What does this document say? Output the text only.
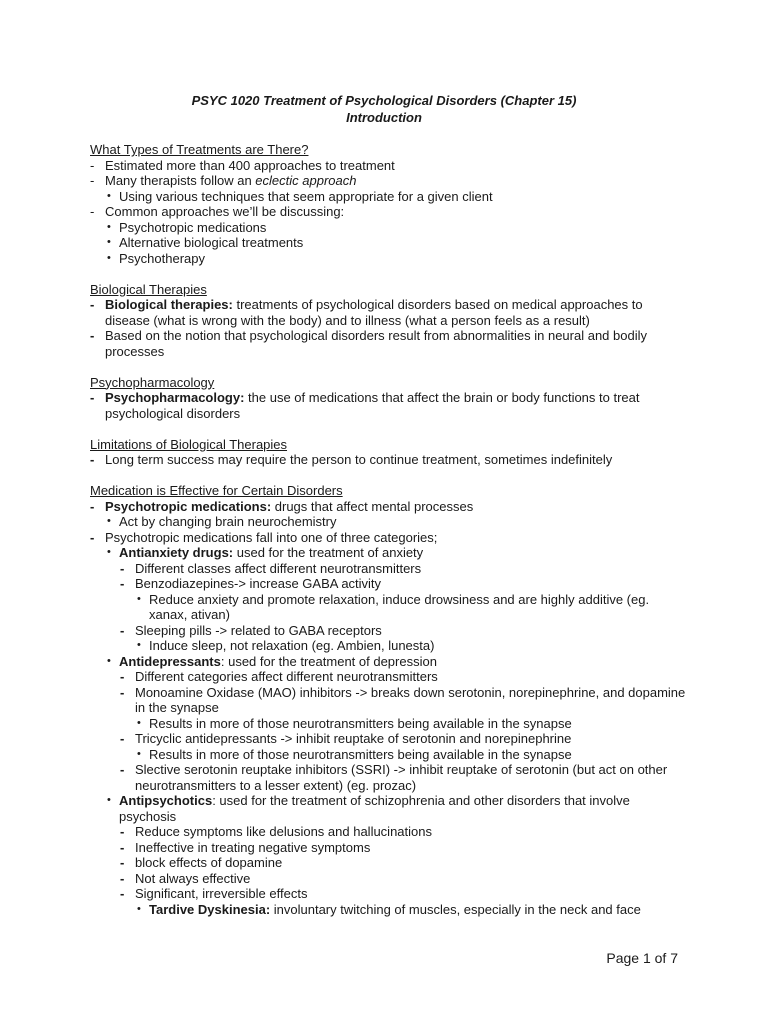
PSYC 1020 Treatment of Psychological Disorders (Chapter 15)
Introduction

What Types of Treatments are There?

- Estimated more than 400 approaches to treatment
- Many therapists follow an eclectic approach
• Using various techniques that seem appropriate for a given client
- Common approaches we’ll be discussing:
• Psychotropic medications
• Alternative biological treatments
• Psychotherapy

Biological Therapies

- Biological therapies: treatments of psychological disorders based on medical approaches to disease (what is wrong with the body) and to illness (what a person feels as a result)
- Based on the notion that psychological disorders result from abnormalities in neural and bodily processes

Psychopharmacology

- Psychopharmacology: the use of medications that affect the brain or body functions to treat psychological disorders

Limitations of Biological Therapies

- Long term success may require the person to continue treatment, sometimes indefinitely

Medication is Effective for Certain Disorders

- Psychotropic medications: drugs that affect mental processes
• Act by changing brain neurochemistry
- Psychotropic medications fall into one of three categories;
• Antianxiety drugs: used for the treatment of anxiety
- Different classes affect different neurotransmitters
- Benzodiazepines-> increase GABA activity
• Reduce anxiety and promote relaxation, induce drowsiness and are highly additive (eg. xanax, ativan)
- Sleeping pills -> related to GABA receptors
• Induce sleep, not relaxation (eg. Ambien, lunesta)
• Antidepressants: used for the treatment of depression
- Different categories affect different neurotransmitters
- Monoamine Oxidase (MAO) inhibitors -> breaks down serotonin, norepinephrine, and dopamine in the synapse
• Results in more of those neurotransmitters being available in the synapse
- Tricyclic antidepressants -> inhibit reuptake of serotonin and norepinephrine
• Results in more of those neurotransmitters being available in the synapse
- Slective serotonin reuptake inhibitors (SSRI) -> inhibit reuptake of serotonin (but act on other neurotransmitters to a lesser extent) (eg. prozac)
• Antipsychotics: used for the treatment of schizophrenia and other disorders that involve psychosis
- Reduce symptoms like delusions and hallucinations
- Ineffective in treating negative symptoms
- block effects of dopamine
- Not always effective
- Significant, irreversible effects
• Tardive Dyskinesia: involuntary twitching of muscles, especially in the neck and face
Page 1 of 7
